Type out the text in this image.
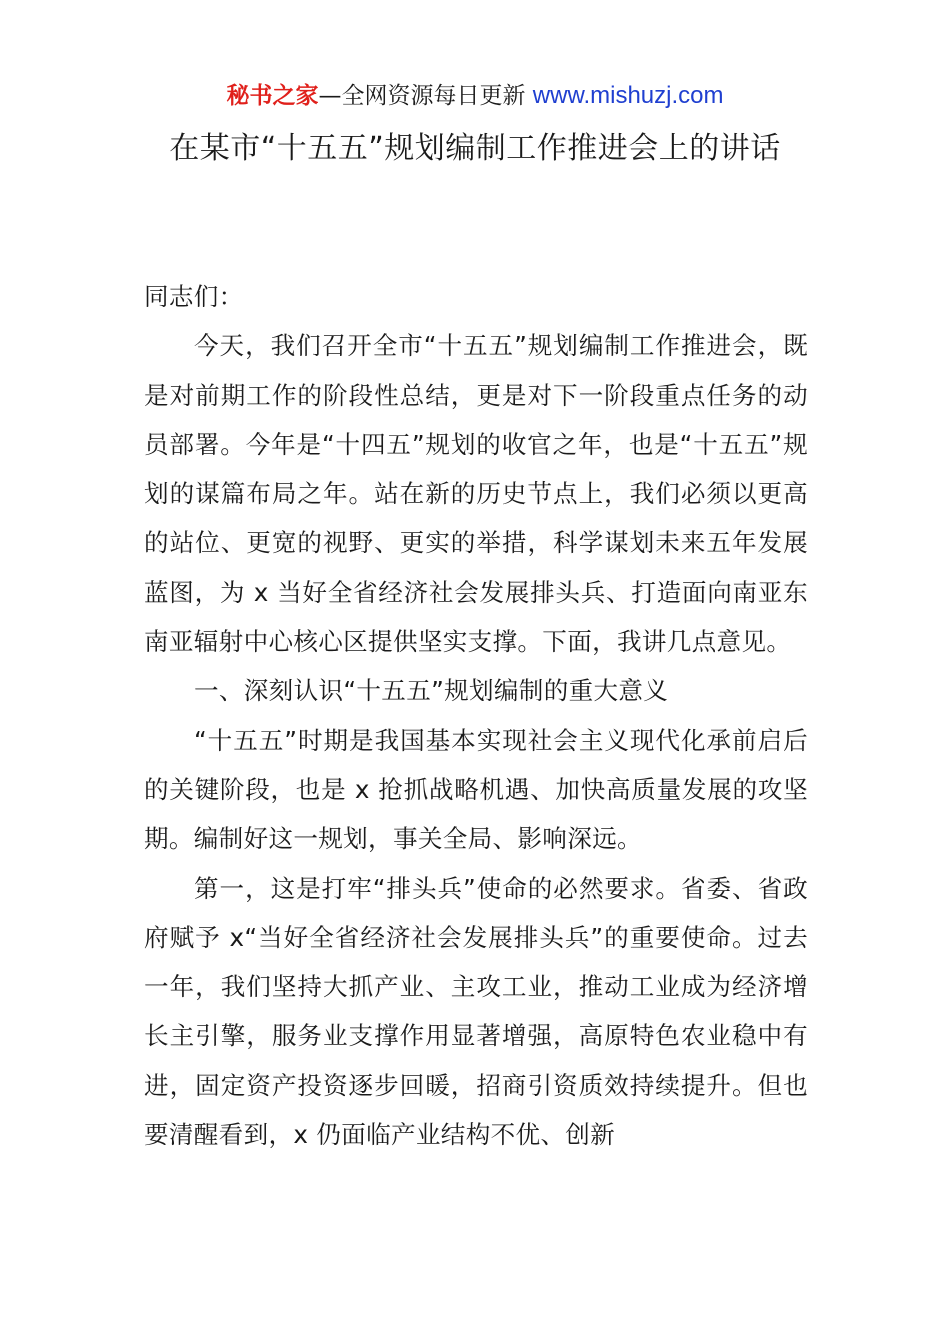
秘书之家—全网资源每日更新 www.mishuzj.com
在某市“十五五”规划编制工作推进会上的讲话

同志们：

今天，我们召开全市“十五五”规划编制工作推进会，既是对前期工作的阶段性总结，更是对下一阶段重点任务的动员部署。今年是“十四五”规划的收官之年，也是“十五五”规划的谋篇布局之年。站在新的历史节点上，我们必须以更高的站位、更宽的视野、更实的举措，科学谋划未来五年发展蓝图，为 x 当好全省经济社会发展排头兵、打造面向南亚东南亚辐射中心核心区提供坚实支撑。下面，我讲几点意见。

一、深刻认识“十五五”规划编制的重大意义

“十五五”时期是我国基本实现社会主义现代化承前启后的关键阶段，也是 x 抢抓战略机遇、加快高质量发展的攻坚期。编制好这一规划，事关全局、影响深远。

第一，这是打牢“排头兵”使命的必然要求。省委、省政府赋予 x“当好全省经济社会发展排头兵”的重要使命。过去一年，我们坚持大抓产业、主攻工业，推动工业成为经济增长主引擎，服务业支撑作用显著增强，高原特色农业稳中有进，固定资产投资逐步回暖，招商引资质效持续提升。但也要清醒看到，x 仍面临产业结构不优、创新
